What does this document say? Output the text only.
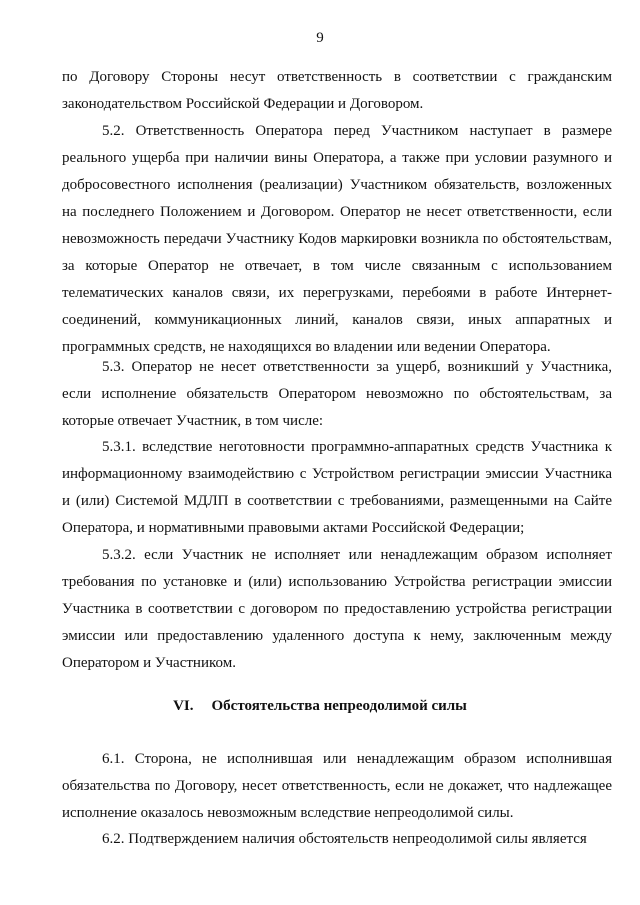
9

по Договору Стороны несут ответственность в соответствии с гражданским законодательством Российской Федерации и Договором.

5.2. Ответственность Оператора перед Участником наступает в размере реального ущерба при наличии вины Оператора, а также при условии разумного и добросовестного исполнения (реализации) Участником обязательств, возложенных на последнего Положением и Договором. Оператор не несет ответственности, если невозможность передачи Участнику Кодов маркировки возникла по обстоятельствам, за которые Оператор не отвечает, в том числе связанным с использованием телематических каналов связи, их перегрузками, перебоями в работе Интернет-соединений, коммуникационных линий, каналов связи, иных аппаратных и программных средств, не находящихся во владении или ведении Оператора.

5.3. Оператор не несет ответственности за ущерб, возникший у Участника, если исполнение обязательств Оператором невозможно по обстоятельствам, за которые отвечает Участник, в том числе:

5.3.1. вследствие неготовности программно-аппаратных средств Участника к информационному взаимодействию с Устройством регистрации эмиссии Участника и (или) Системой МДЛП в соответствии с требованиями, размещенными на Сайте Оператора, и нормативными правовыми актами Российской Федерации;

5.3.2. если Участник не исполняет или ненадлежащим образом исполняет требования по установке и (или) использованию Устройства регистрации эмиссии Участника в соответствии с договором по предоставлению устройства регистрации эмиссии или предоставлению удаленного доступа к нему, заключенным между Оператором и Участником.

VI. Обстоятельства непреодолимой силы

6.1. Сторона, не исполнившая или ненадлежащим образом исполнившая обязательства по Договору, несет ответственность, если не докажет, что надлежащее исполнение оказалось невозможным вследствие непреодолимой силы.

6.2. Подтверждением наличия обстоятельств непреодолимой силы является
